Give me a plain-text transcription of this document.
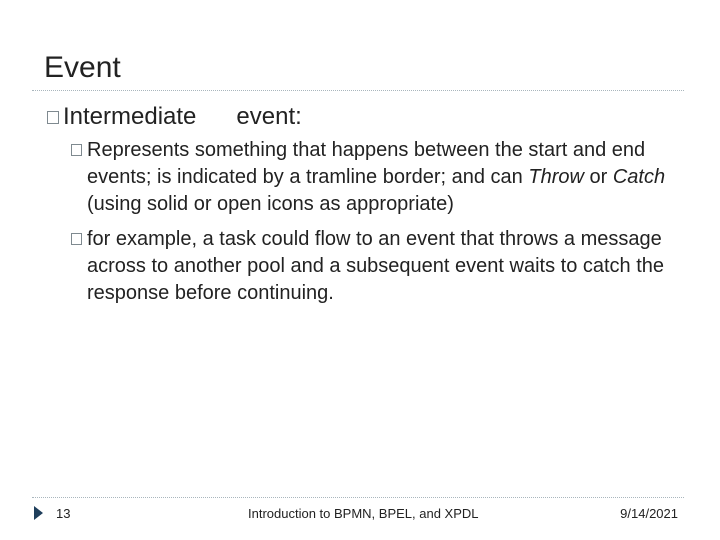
Event
Intermediate event:
Represents something that happens between the start and end events; is indicated by a tramline border; and can Throw or Catch (using solid or open icons as appropriate)
for example, a task could flow to an event that throws a message across to another pool and a subsequent event waits to catch the response before continuing.
13	Introduction to BPMN, BPEL, and XPDL	9/14/2021
